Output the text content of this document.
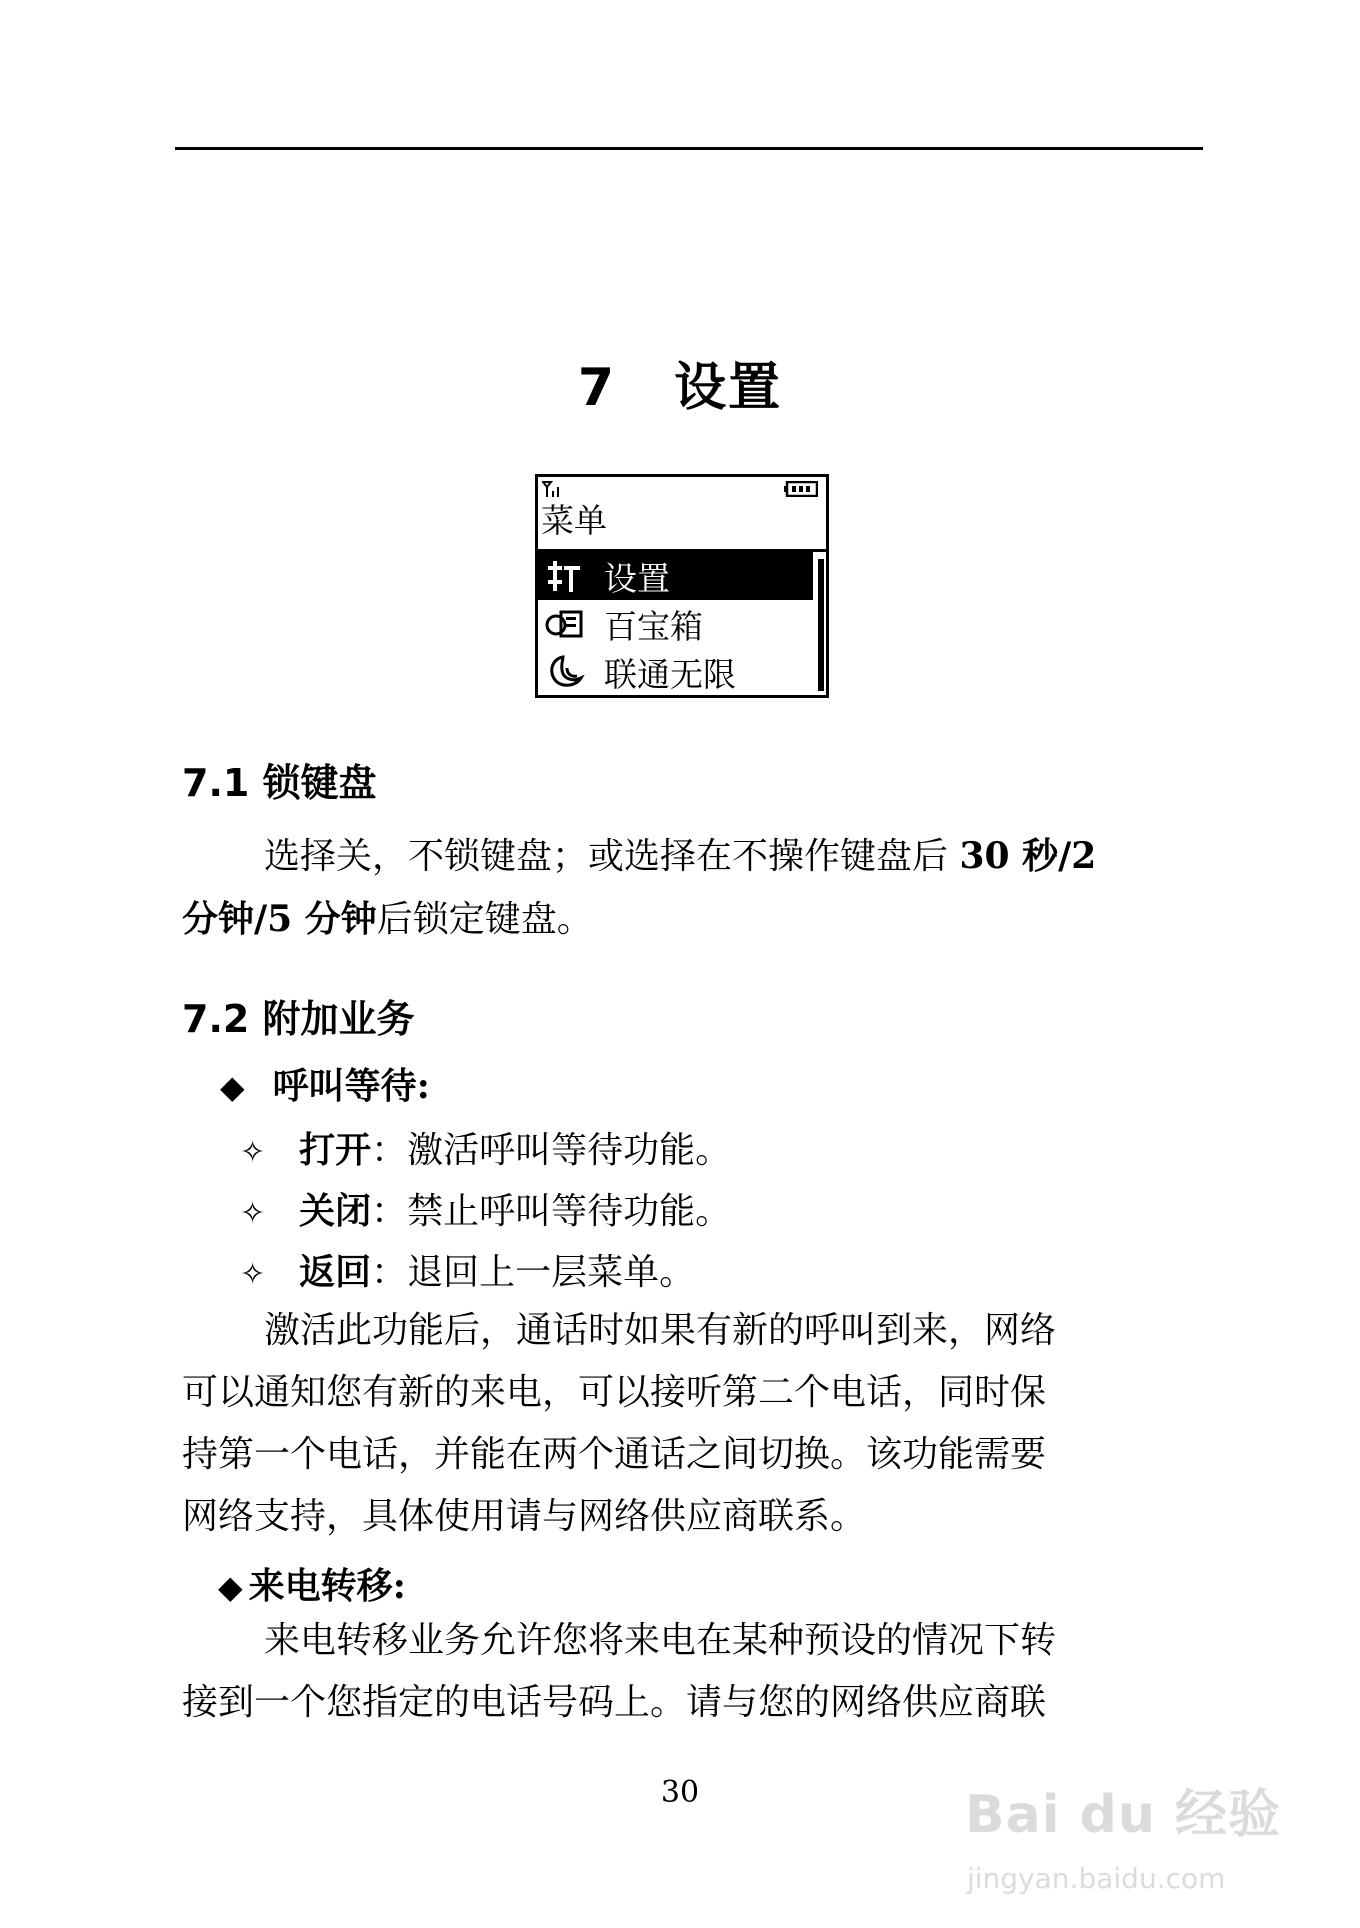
7 设置
菜单
设置
百宝箱
联通无限
7.1 锁键盘
选择关，不锁键盘；或选择在不操作键盘后 30 秒/2
分钟/5 分钟后锁定键盘。
7.2 附加业务
◆ 呼叫等待:
✧ 打开：激活呼叫等待功能。
✧ 关闭：禁止呼叫等待功能。
✧ 返回：退回上一层菜单。
激活此功能后，通话时如果有新的呼叫到来，网络
可以通知您有新的来电，可以接听第二个电话，同时保
持第一个电话，并能在两个通话之间切换。该功能需要
网络支持，具体使用请与网络供应商联系。
◆ 来电转移:
来电转移业务允许您将来电在某种预设的情况下转
接到一个您指定的电话号码上。请与您的网络供应商联
30	Bai du 经验
jingyan.baidu.com
